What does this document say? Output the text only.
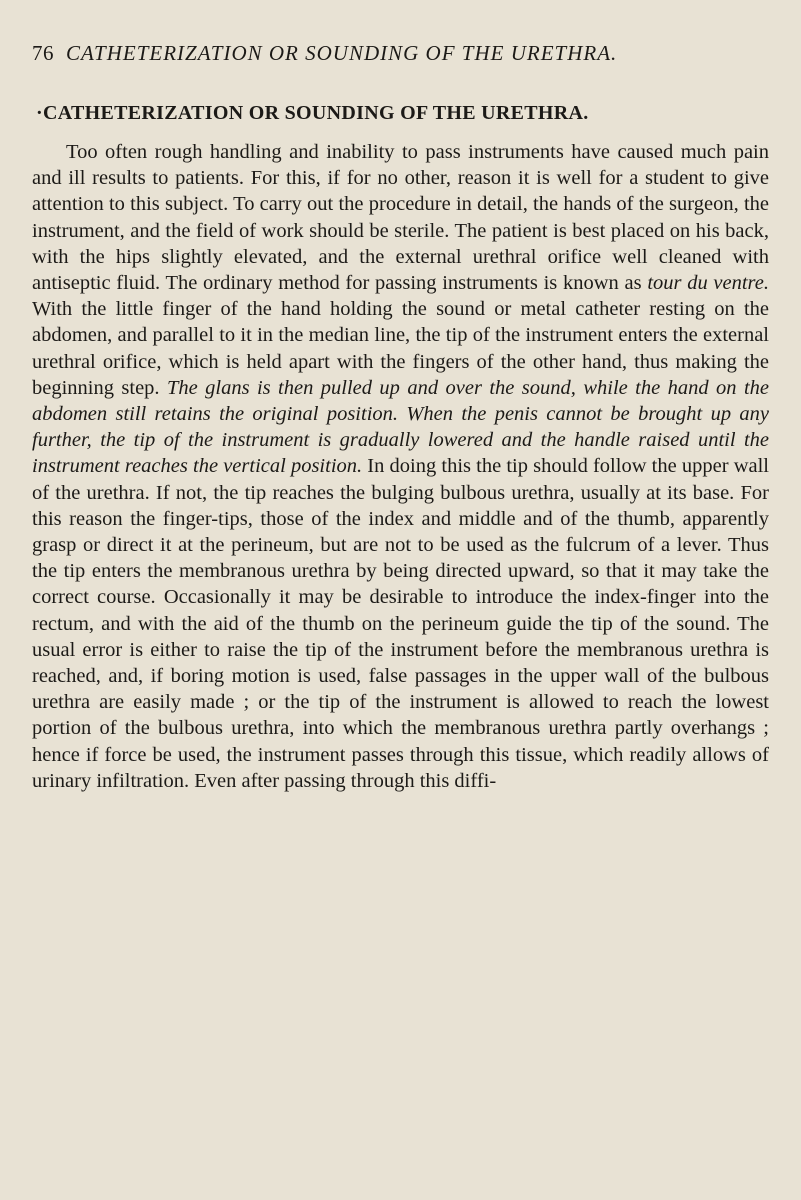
76 CATHETERIZATION OR SOUNDING OF THE URETHRA.
·CATHETERIZATION OR SOUNDING OF THE URETHRA.

Too often rough handling and inability to pass instruments have caused much pain and ill results to patients. For this, if for no other, reason it is well for a student to give attention to this subject. To carry out the procedure in detail, the hands of the surgeon, the instrument, and the field of work should be sterile. The patient is best placed on his back, with the hips slightly elevated, and the external urethral orifice well cleaned with antiseptic fluid. The ordinary method for passing instruments is known as tour du ventre. With the little finger of the hand holding the sound or metal catheter resting on the abdomen, and parallel to it in the median line, the tip of the instrument enters the external urethral orifice, which is held apart with the fingers of the other hand, thus making the beginning step. The glans is then pulled up and over the sound, while the hand on the abdomen still retains the original position. When the penis cannot be brought up any further, the tip of the instrument is gradually lowered and the handle raised until the instrument reaches the vertical position. In doing this the tip should follow the upper wall of the urethra. If not, the tip reaches the bulging bulbous urethra, usually at its base. For this reason the finger-tips, those of the index and middle and of the thumb, apparently grasp or direct it at the perineum, but are not to be used as the fulcrum of a lever. Thus the tip enters the membranous urethra by being directed upward, so that it may take the correct course. Occasionally it may be desirable to introduce the index-finger into the rectum, and with the aid of the thumb on the perineum guide the tip of the sound. The usual error is either to raise the tip of the instrument before the membranous urethra is reached, and, if boring motion is used, false passages in the upper wall of the bulbous urethra are easily made ; or the tip of the instrument is allowed to reach the lowest portion of the bulbous urethra, into which the membranous urethra partly overhangs ; hence if force be used, the instrument passes through this tissue, which readily allows of urinary infiltration. Even after passing through this diffi-
